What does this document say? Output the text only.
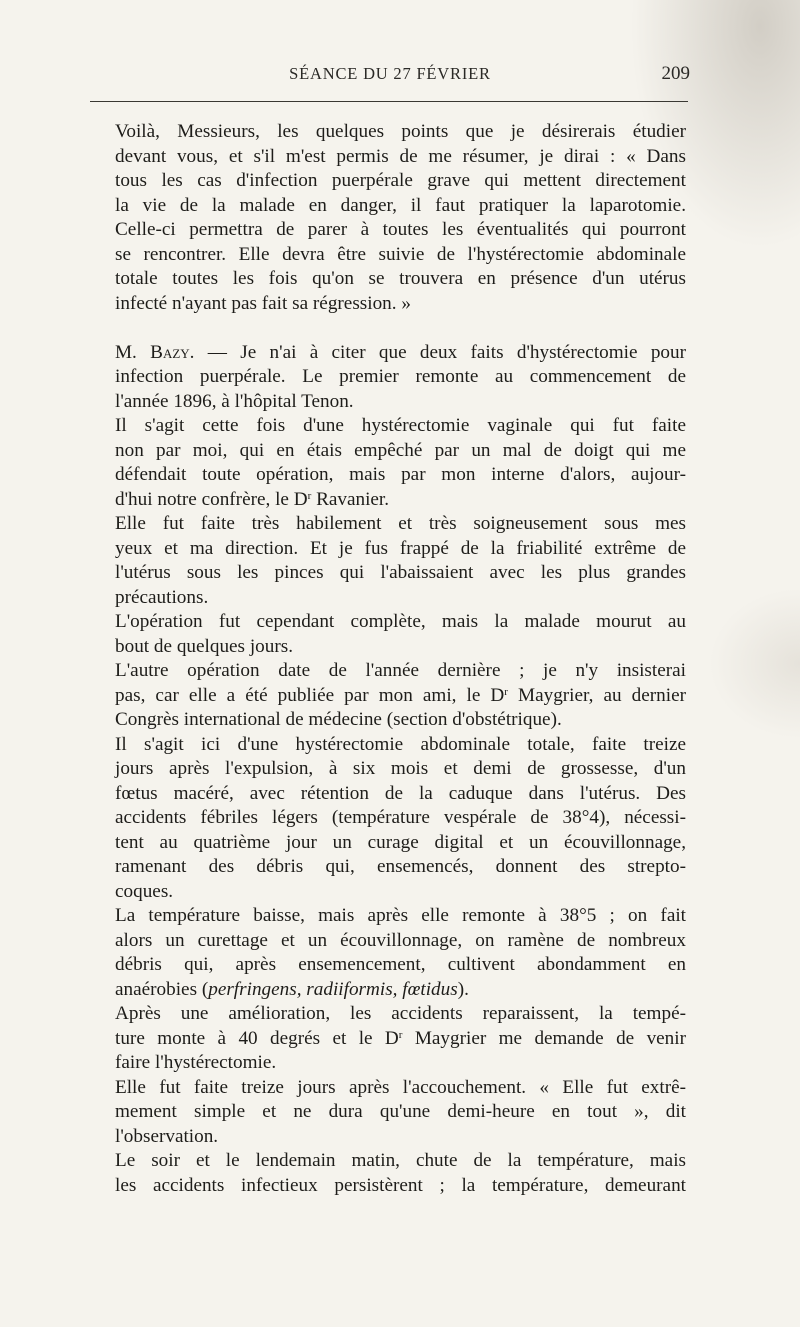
SÉANCE DU 27 FÉVRIER	209
Voilà, Messieurs, les quelques points que je désirerais étudier
devant vous, et s'il m'est permis de me résumer, je dirai : « Dans
tous les cas d'infection puerpérale grave qui mettent directement
la vie de la malade en danger, il faut pratiquer la laparotomie.
Celle-ci permettra de parer à toutes les éventualités qui pourront
se rencontrer. Elle devra être suivie de l'hystérectomie abdominale
totale toutes les fois qu'on se trouvera en présence d'un utérus
infecté n'ayant pas fait sa régression. »
M. Bazy. — Je n'ai à citer que deux faits d'hystérectomie pour
infection puerpérale. Le premier remonte au commencement de
l'année 1896, à l'hôpital Tenon.
Il s'agit cette fois d'une hystérectomie vaginale qui fut faite
non par moi, qui en étais empêché par un mal de doigt qui me
défendait toute opération, mais par mon interne d'alors, aujour-
d'hui notre confrère, le $D^r$ Ravanier.
Elle fut faite très habilement et très soigneusement sous mes
yeux et ma direction. Et je fus frappé de la friabilité extrême de
l'utérus sous les pinces qui l'abaissaient avec les plus grandes
précautions.
L'opération fut cependant complète, mais la malade mourut au
bout de quelques jours.
L'autre opération date de l'année dernière ; je n'y insisterai
pas, car elle a été publiée par mon ami, le $D^r$ Maygrier, au dernier
Congrès international de médecine (section d'obstétrique).
Il s'agit ici d'une hystérectomie abdominale totale, faite treize
jours après l'expulsion, à six mois et demi de grossesse, d'un
fœtus macéré, avec rétention de la caduque dans l'utérus. Des
accidents fébriles légers (température vespérale de 38°4), nécessi-
tent au quatrième jour un curage digital et un écouvillonnage,
ramenant des débris qui, ensemencés, donnent des strepto-
coques.
La température baisse, mais après elle remonte à 38°5 ; on fait
alors un curettage et un écouvillonnage, on ramène de nombreux
débris qui, après ensemencement, cultivent abondamment en
anaérobies (perfringens, radiiformis, fœtidus).
Après une amélioration, les accidents reparaissent, la tempé-
ture monte à 40 degrés et le $D^r$ Maygrier me demande de venir
faire l'hystérectomie.
Elle fut faite treize jours après l'accouchement. « Elle fut extrê-
mement simple et ne dura qu'une demi-heure en tout », dit
l'observation.
Le soir et le lendemain matin, chute de la température, mais
les accidents infectieux persistèrent ; la température, demeurant
